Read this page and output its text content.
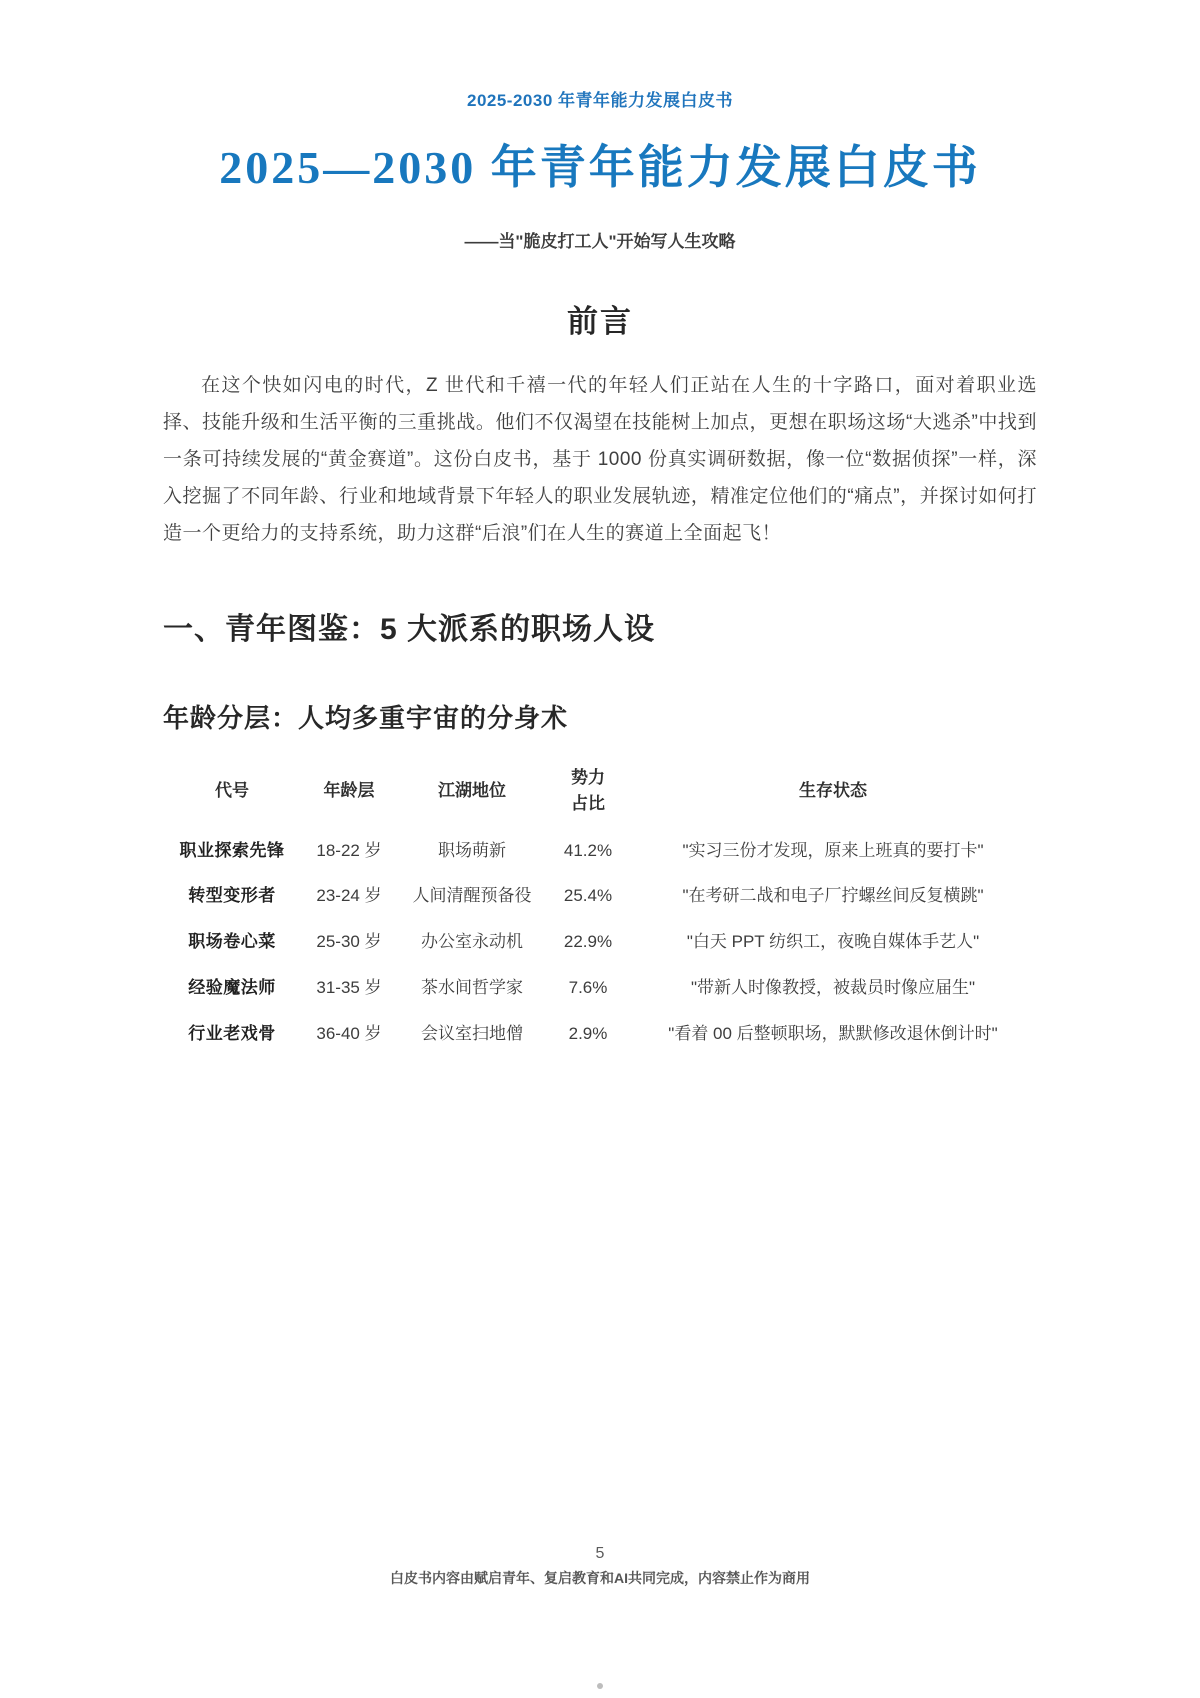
2025-2030 年青年能力发展白皮书
2025—2030 年青年能力发展白皮书
——当"脆皮打工人"开始写人生攻略
前言

在这个快如闪电的时代，Z 世代和千禧一代的年轻人们正站在人生的十字路口，面对着职业选择、技能升级和生活平衡的三重挑战。他们不仅渴望在技能树上加点，更想在职场这场“大逃杀”中找到一条可持续发展的“黄金赛道”。这份白皮书，基于 1000 份真实调研数据，像一位“数据侦探”一样，深入挖掘了不同年龄、行业和地域背景下年轻人的职业发展轨迹，精准定位他们的“痛点”，并探讨如何打造一个更给力的支持系统，助力这群“后浪”们在人生的赛道上全面起飞！

一、青年图鉴：5 大派系的职场人设
年龄分层：人均多重宇宙的分身术
代号	年龄层	江湖地位	势力占比	生存状态
职业探索先锋	18-22 岁	职场萌新	41.2%	"实习三份才发现，原来上班真的要打卡"
转型变形者	23-24 岁	人间清醒预备役	25.4%	"在考研二战和电子厂拧螺丝间反复横跳"
职场卷心菜	25-30 岁	办公室永动机	22.9%	"白天 PPT 纺织工，夜晚自媒体手艺人"
经验魔法师	31-35 岁	茶水间哲学家	7.6%	"带新人时像教授，被裁员时像应届生"
行业老戏骨	36-40 岁	会议室扫地僧	2.9%	"看着 00 后整顿职场，默默修改退休倒计时"
5
白皮书内容由赋启青年、复启教育和AI共同完成，内容禁止作为商用
